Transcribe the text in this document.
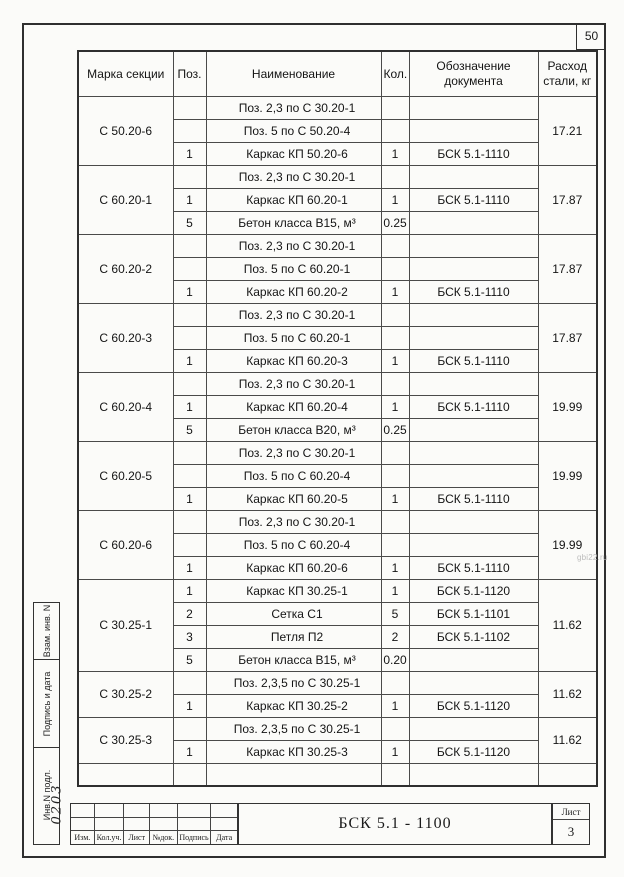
50
Марка секции	Поз.	Наименование	Кол.	Обозначение документа	Расход стали, кг
С 50.20-6		Поз. 2,3 по С 30.20-1			17.21
		Поз. 5 по С 50.20-4			
	1	Каркас КП 50.20-6	1	БСК 5.1-1110	
С 60.20-1		Поз. 2,3 по С 30.20-1			17.87
	1	Каркас КП 60.20-1	1	БСК 5.1-1110	
	5	Бетон класса В15, м³	0.25		
С 60.20-2		Поз. 2,3 по С 30.20-1			17.87
		Поз. 5 по С 60.20-1			
	1	Каркас КП 60.20-2	1	БСК 5.1-1110	
С 60.20-3		Поз. 2,3 по С 30.20-1			17.87
		Поз. 5 по С 60.20-1			
	1	Каркас КП 60.20-3	1	БСК 5.1-1110	
С 60.20-4		Поз. 2,3 по С 30.20-1			19.99
	1	Каркас КП 60.20-4	1	БСК 5.1-1110	
	5	Бетон класса В20, м³	0.25		
С 60.20-5		Поз. 2,3 по С 30.20-1			19.99
		Поз. 5 по С 60.20-4			
	1	Каркас КП 60.20-5	1	БСК 5.1-1110	
С 60.20-6		Поз. 2,3 по С 30.20-1			19.99
		Поз. 5 по С 60.20-4			
	1	Каркас КП 60.20-6	1	БСК 5.1-1110	
С 30.25-1	1	Каркас КП 30.25-1	1	БСК 5.1-1120	11.62
	2	Сетка С1	5	БСК 5.1-1101	
	3	Петля П2	2	БСК 5.1-1102	
	5	Бетон класса В15, м³	0.20		
С 30.25-2		Поз. 2,3,5 по С 30.25-1			11.62
	1	Каркас КП 30.25-2	1	БСК 5.1-1120	
С 30.25-3		Поз. 2,3,5 по С 30.25-1			11.62
	1	Каркас КП 30.25-3	1	БСК 5.1-1120	

gbi22.ru
Взам. инв. N
Подпись и дата
Инв.N подл.
0203
Изм. Кол.уч. Лист №док. Подпись Дата
БСК 5.1 - 1100
Лист
3
